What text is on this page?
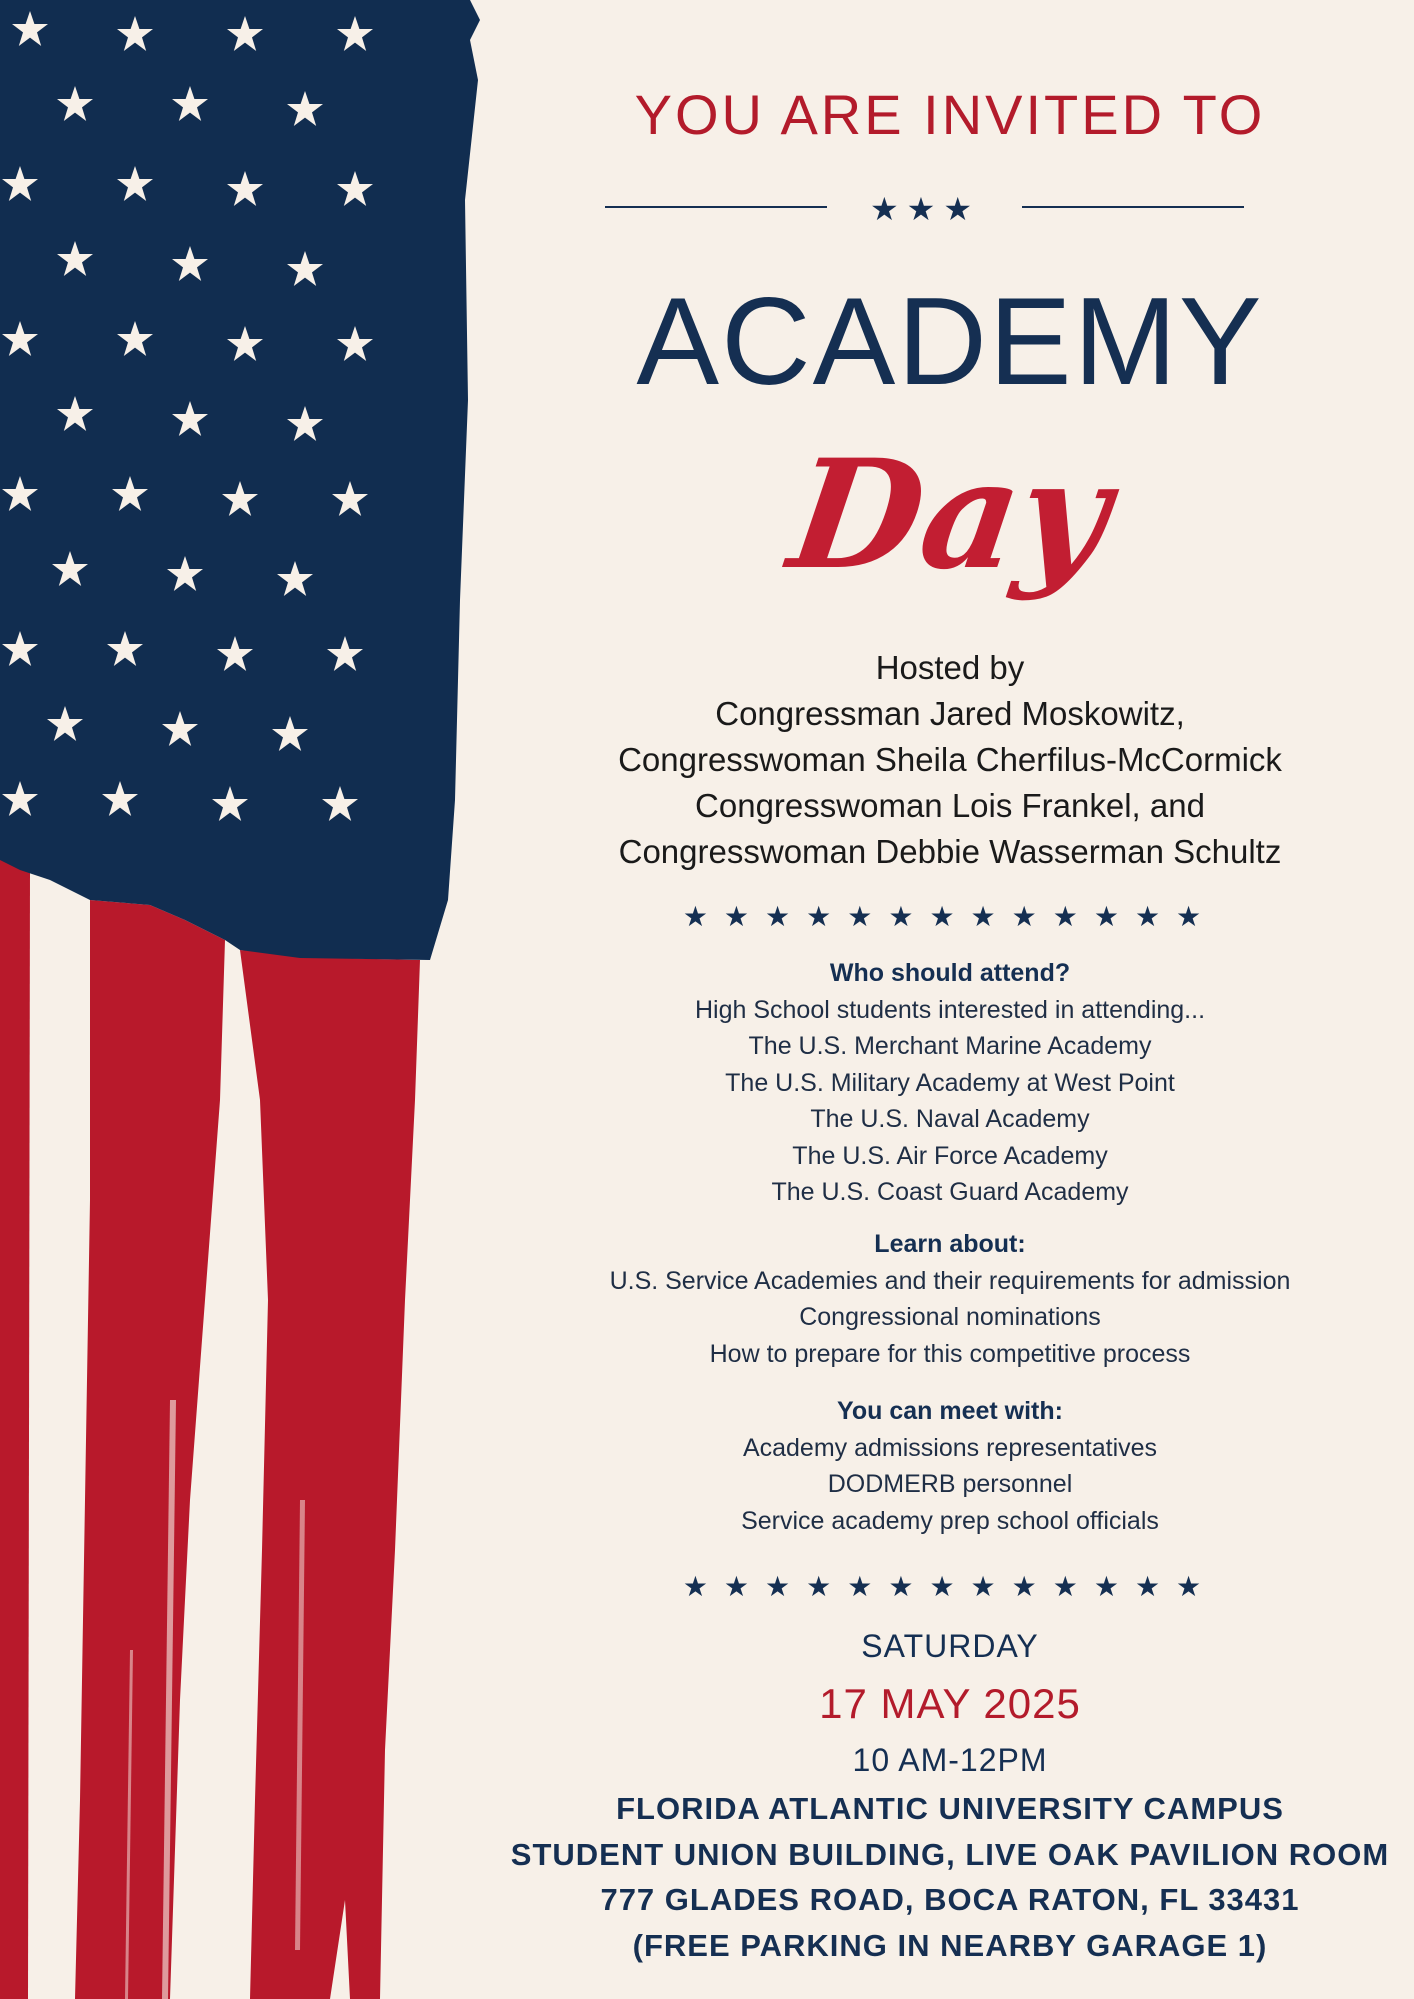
YOU ARE INVITED TO
★★★
ACADEMY
Day
Hosted by
Congressman Jared Moskowitz,
Congresswoman Sheila Cherfilus-McCormick
Congresswoman Lois Frankel, and
Congresswoman Debbie Wasserman Schultz
★★★★★★★★★★★★★
Who should attend?
High School students interested in attending...
The U.S. Merchant Marine Academy
The U.S. Military Academy at West Point
The U.S. Naval Academy
The U.S. Air Force Academy
The U.S. Coast Guard Academy
Learn about:
U.S. Service Academies and their requirements for admission
Congressional nominations
How to prepare for this competitive process
You can meet with:
Academy admissions representatives
DODMERB personnel
Service academy prep school officials
★★★★★★★★★★★★★
SATURDAY
17 MAY 2025
10 AM-12PM
FLORIDA ATLANTIC UNIVERSITY CAMPUS
STUDENT UNION BUILDING, LIVE OAK PAVILION ROOM
777 GLADES ROAD, BOCA RATON, FL 33431
(FREE PARKING IN NEARBY GARAGE 1)
